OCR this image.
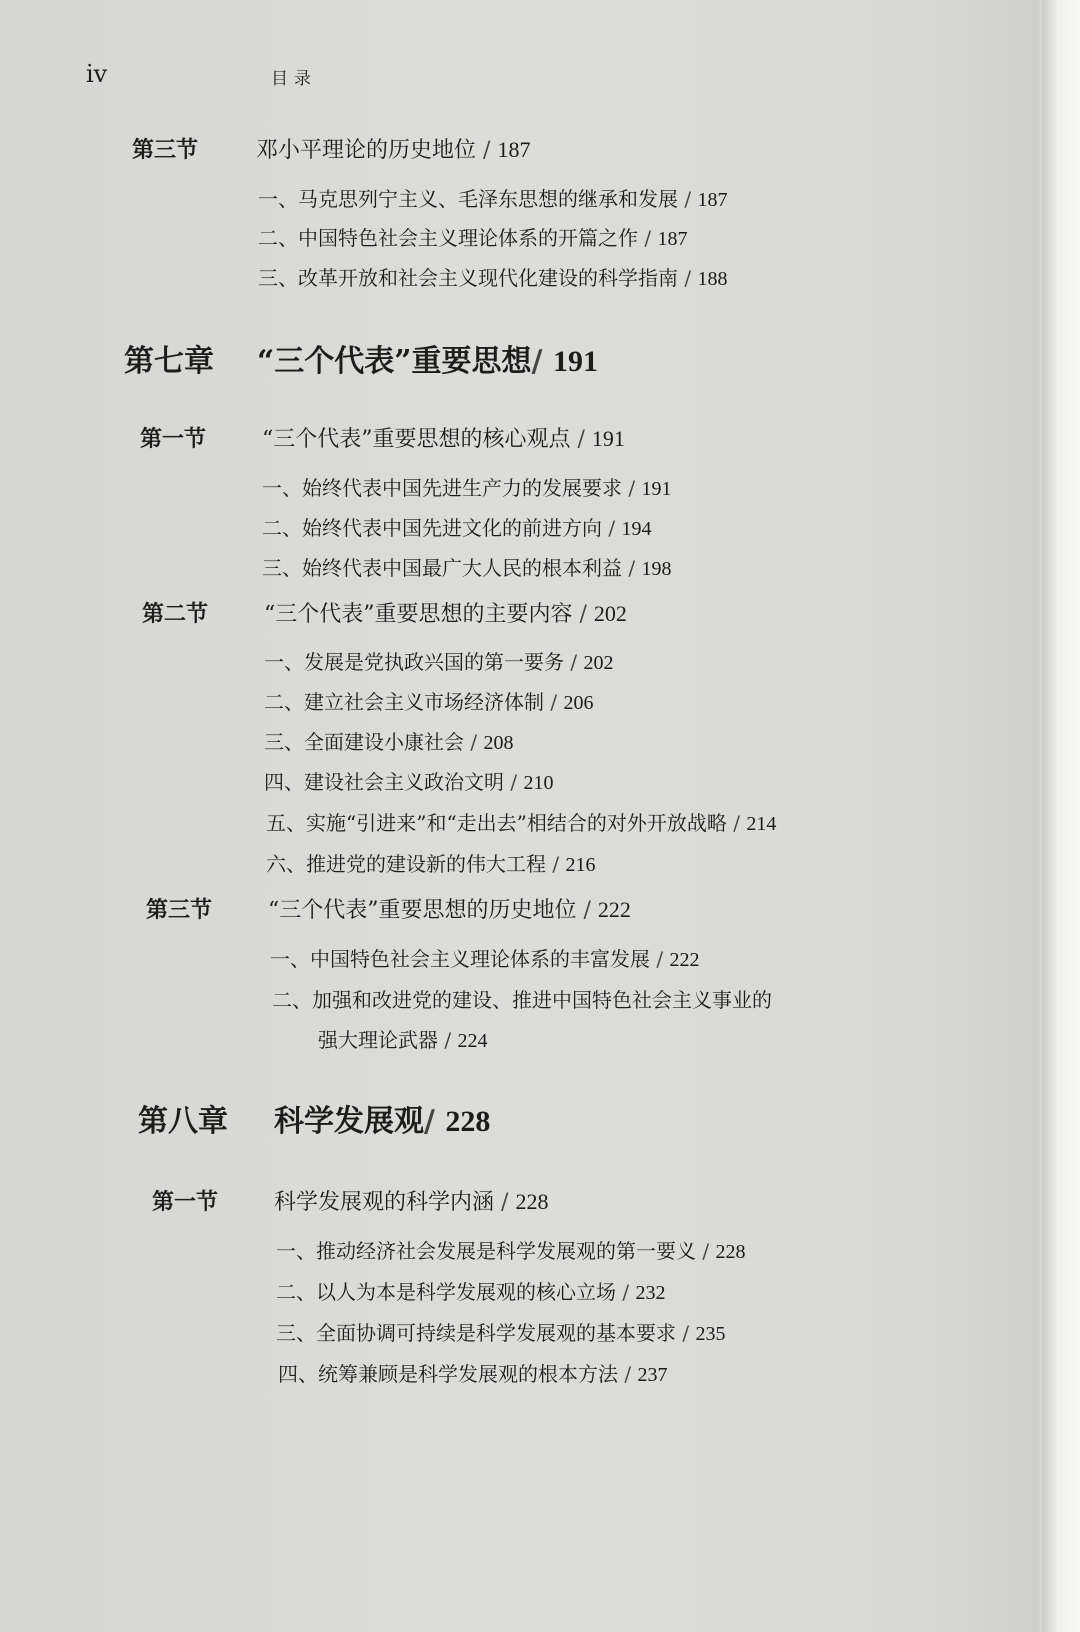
iv	目录
第三节	邓小平理论的历史地位 / 187
一、马克思列宁主义、毛泽东思想的继承和发展 / 187
二、中国特色社会主义理论体系的开篇之作 / 187
三、改革开放和社会主义现代化建设的科学指南 / 188
第七章 “三个代表”重要思想/ 191
第一节	“三个代表”重要思想的核心观点 / 191
一、始终代表中国先进生产力的发展要求 / 191
二、始终代表中国先进文化的前进方向 / 194
三、始终代表中国最广大人民的根本利益 / 198
第二节	“三个代表”重要思想的主要内容 / 202
一、发展是党执政兴国的第一要务 / 202
二、建立社会主义市场经济体制 / 206
三、全面建设小康社会 / 208
四、建设社会主义政治文明 / 210
五、实施“引进来”和“走出去”相结合的对外开放战略 / 214
六、推进党的建设新的伟大工程 / 216
第三节	“三个代表”重要思想的历史地位 / 222
一、中国特色社会主义理论体系的丰富发展 / 222
二、加强和改进党的建设、推进中国特色社会主义事业的
强大理论武器 / 224
第八章 科学发展观/ 228
第一节	科学发展观的科学内涵 / 228
一、推动经济社会发展是科学发展观的第一要义 / 228
二、以人为本是科学发展观的核心立场 / 232
三、全面协调可持续是科学发展观的基本要求 / 235
四、统筹兼顾是科学发展观的根本方法 / 237
